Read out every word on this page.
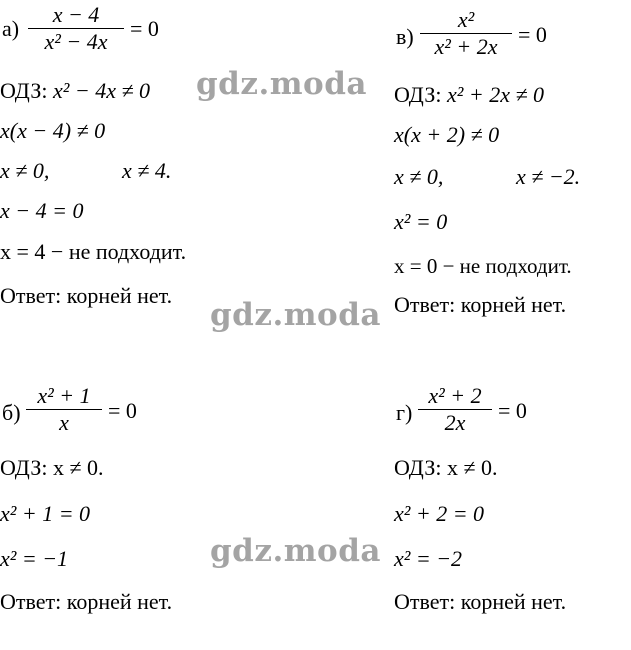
а)
x − 4
x² − 4x
= 0
ОДЗ: x² − 4x ≠ 0
x(x − 4) ≠ 0
x ≠ 0,	x ≠ 4.
x − 4 = 0
x = 4 − не подходит.
Ответ: корней нет.
в)
x²
x² + 2x = 0
ОДЗ: x² + 2x ≠ 0
x(x + 2) ≠ 0
x ≠ 0,	x ≠ −2.
x² = 0
x = 0 − не подходит.
Ответ: корней нет.
б)
x² + 1
x	= 0
ОДЗ: x ≠ 0.
x² + 1 = 0
x² = −1
Ответ: корней нет.
г)
x² + 2
2x	= 0
ОДЗ: x ≠ 0.
x² + 2 = 0
x² = −2
Ответ: корней нет.
gdz.moda
gdz.moda
gdz.moda
